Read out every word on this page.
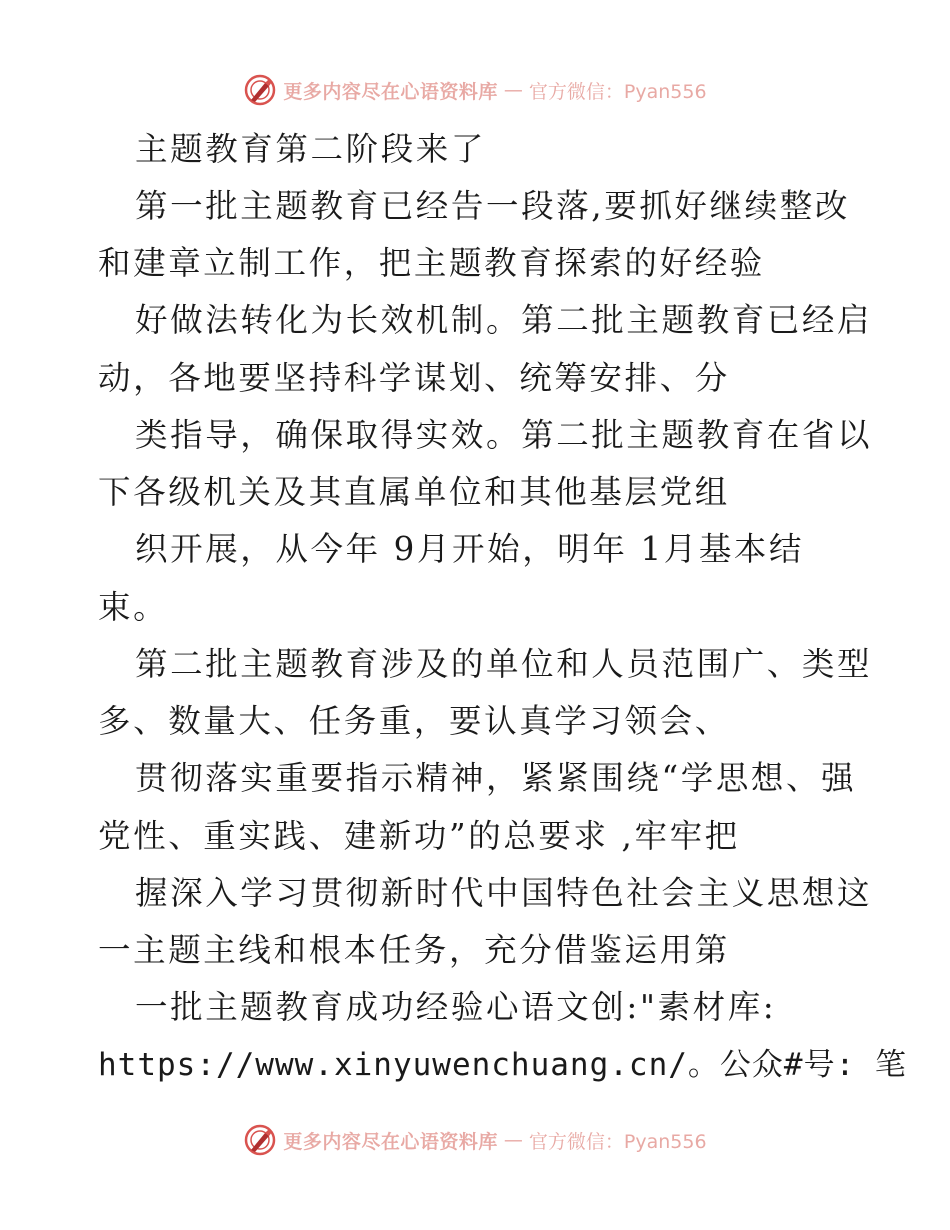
更多内容尽在心语资料库 — 官方微信：Pyan556
主题教育第二阶段来了
第一批主题教育已经告一段落,要抓好继续整改
和建章立制工作，把主题教育探索的好经验
好做法转化为长效机制。第二批主题教育已经启
动，各地要坚持科学谋划、统筹安排、分
类指导，确保取得实效。第二批主题教育在省以
下各级机关及其直属单位和其他基层党组
织开展，从今年 9月开始，明年 1月基本结
束。
第二批主题教育涉及的单位和人员范围广、类型
多、数量大、任务重，要认真学习领会、
贯彻落实重要指示精神，紧紧围绕“学思想、强
党性、重实践、建新功”的总要求 ,牢牢把
握深入学习贯彻新时代中国特色社会主义思想这
一主题主线和根本任务，充分借鉴运用第
一批主题教育成功经验心语文创:"素材库:
https://www.xinyuwenchuang.cn/。公众#号: 笔
更多内容尽在心语资料库 — 官方微信：Pyan556
